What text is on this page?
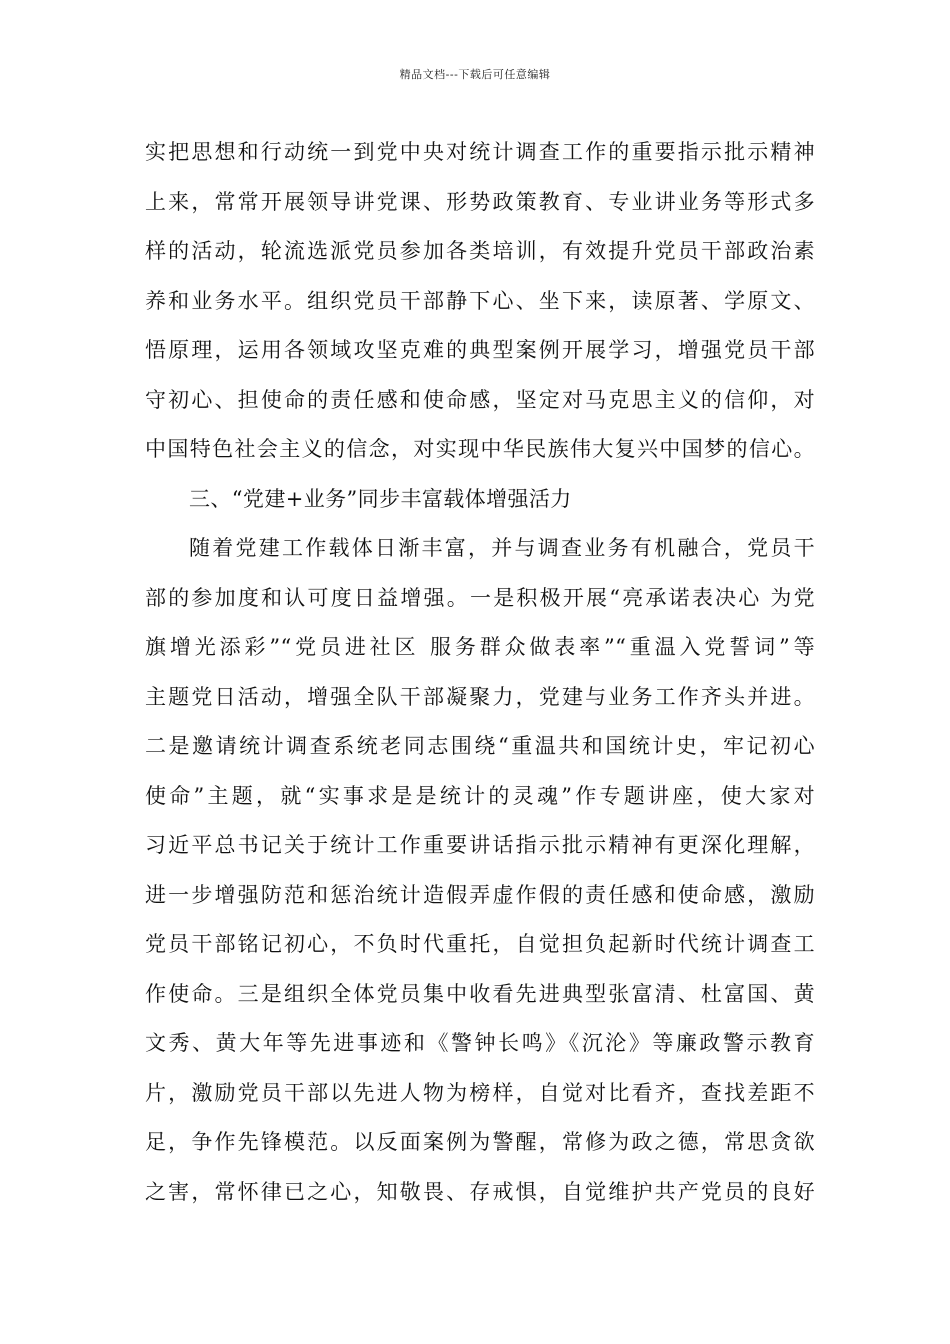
精品文档---下载后可任意编辑
实把思想和行动统一到党中央对统计调查工作的重要指示批示精神
上来，常常开展领导讲党课、形势政策教育、专业讲业务等形式多
样的活动，轮流选派党员参加各类培训，有效提升党员干部政治素
养和业务水平。组织党员干部静下心、坐下来，读原著、学原文、
悟原理，运用各领域攻坚克难的典型案例开展学习，增强党员干部
守初心、担使命的责任感和使命感，坚定对马克思主义的信仰，对
中国特色社会主义的信念，对实现中华民族伟大复兴中国梦的信心。
三、“党建+业务”同步丰富载体增强活力
随着党建工作载体日渐丰富，并与调查业务有机融合，党员干
部的参加度和认可度日益增强。一是积极开展“亮承诺表决心 为党
旗增光添彩”“党员进社区 服务群众做表率”“重温入党誓词”等
主题党日活动，增强全队干部凝聚力，党建与业务工作齐头并进。
二是邀请统计调查系统老同志围绕“重温共和国统计史，牢记初心
使命”主题，就“实事求是是统计的灵魂”作专题讲座，使大家对
习近平总书记关于统计工作重要讲话指示批示精神有更深化理解，
进一步增强防范和惩治统计造假弄虚作假的责任感和使命感，激励
党员干部铭记初心，不负时代重托，自觉担负起新时代统计调查工
作使命。三是组织全体党员集中收看先进典型张富清、杜富国、黄
文秀、黄大年等先进事迹和《警钟长鸣》《沉沦》等廉政警示教育
片，激励党员干部以先进人物为榜样，自觉对比看齐，查找差距不
足，争作先锋模范。以反面案例为警醒，常修为政之德，常思贪欲
之害，常怀律已之心，知敬畏、存戒惧，自觉维护共产党员的良好
